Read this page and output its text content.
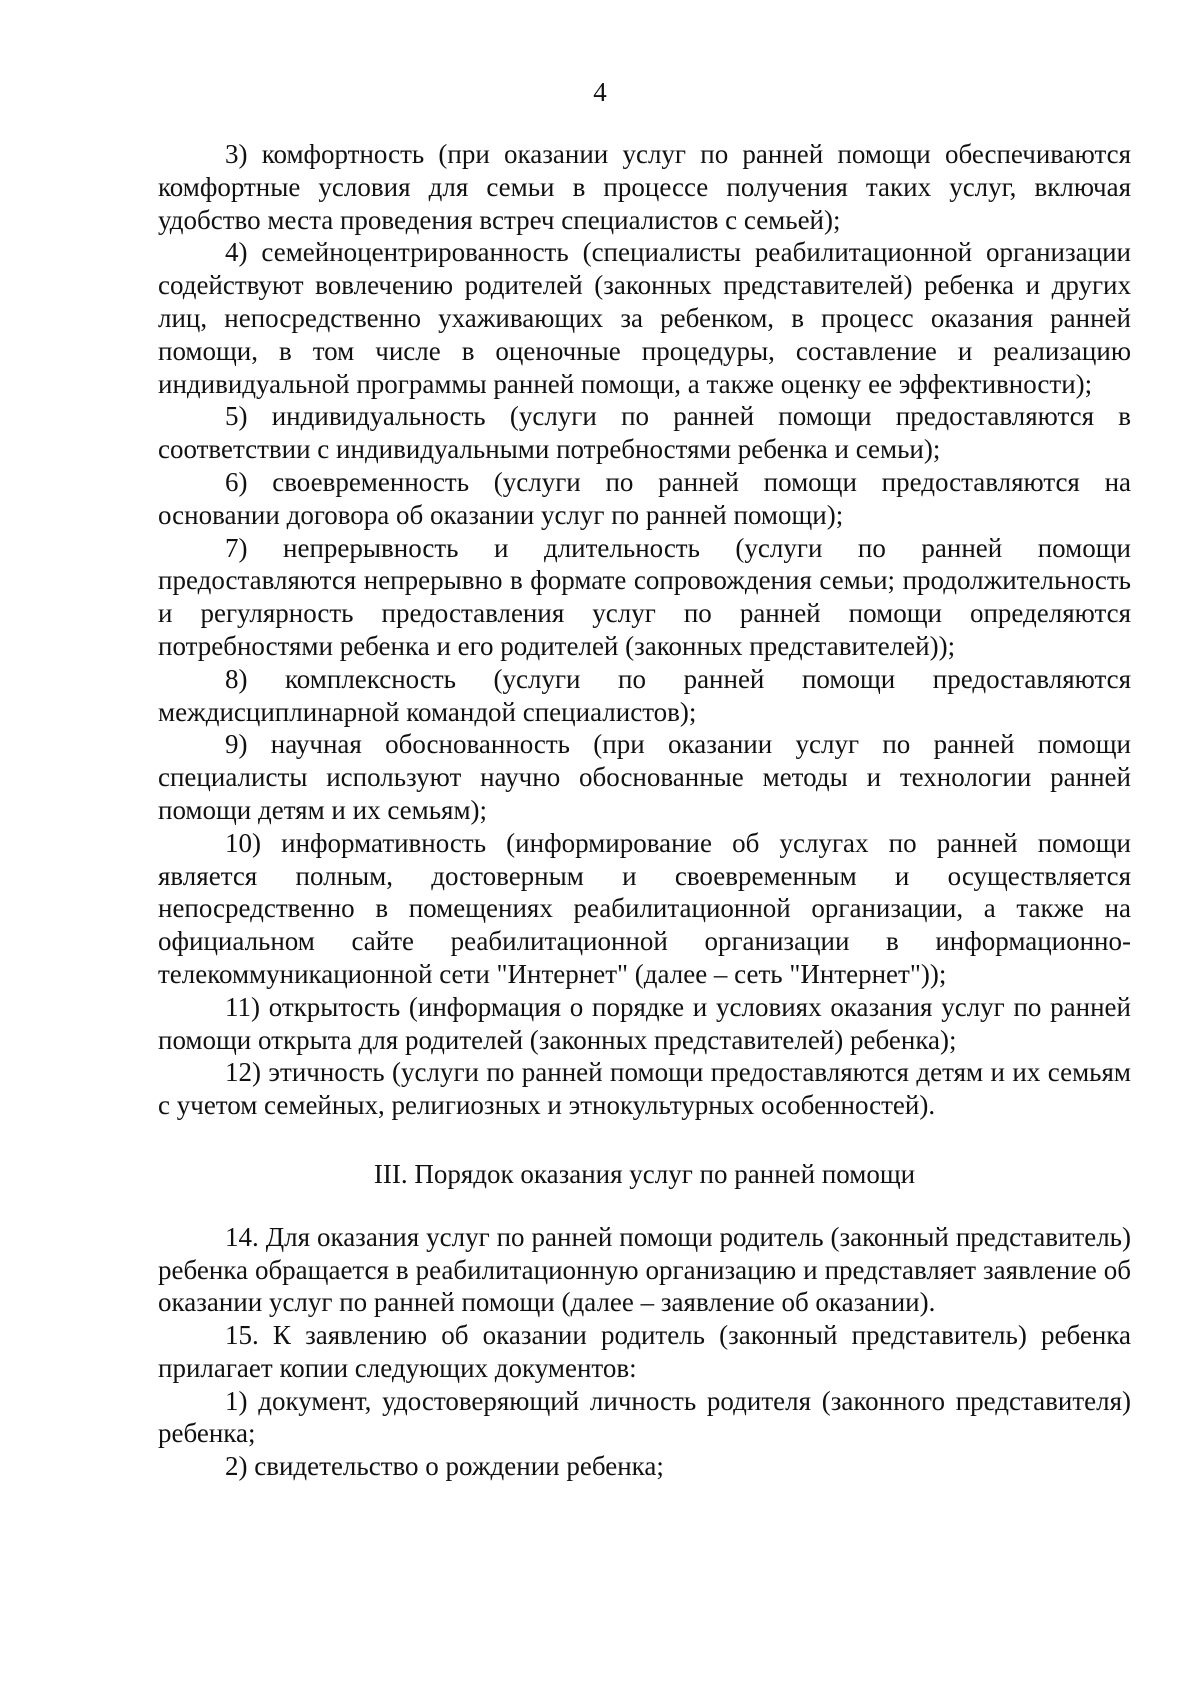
4

3) комфортность (при оказании услуг по ранней помощи обеспечиваются комфортные условия для семьи в процессе получения таких услуг, включая удобство места проведения встреч специалистов с семьей);

4) семейноцентрированность (специалисты реабилитационной организации содействуют вовлечению родителей (законных представителей) ребенка и других лиц, непосредственно ухаживающих за ребенком, в процесс оказания ранней помощи, в том числе в оценочные процедуры, составление и реализацию индивидуальной программы ранней помощи, а также оценку ее эффективности);

5) индивидуальность (услуги по ранней помощи предоставляются в соответствии с индивидуальными потребностями ребенка и семьи);

6) своевременность (услуги по ранней помощи предоставляются на основании договора об оказании услуг по ранней помощи);

7) непрерывность и длительность (услуги по ранней помощи предоставляются непрерывно в формате сопровождения семьи; продолжительность и регулярность предоставления услуг по ранней помощи определяются потребностями ребенка и его родителей (законных представителей));

8) комплексность (услуги по ранней помощи предоставляются междисциплинарной командой специалистов);

9) научная обоснованность (при оказании услуг по ранней помощи специалисты используют научно обоснованные методы и технологии ранней помощи детям и их семьям);

10) информативность (информирование об услугах по ранней помощи является полным, достоверным и своевременным и осуществляется непосредственно в помещениях реабилитационной организации, а также на официальном сайте реабилитационной организации в информационно-телекоммуникационной сети "Интернет" (далее – сеть "Интернет"));

11) открытость (информация о порядке и условиях оказания услуг по ранней помощи открыта для родителей (законных представителей) ребенка);

12) этичность (услуги по ранней помощи предоставляются детям и их семьям с учетом семейных, религиозных и этнокультурных особенностей).

III. Порядок оказания услуг по ранней помощи

14. Для оказания услуг по ранней помощи родитель (законный представитель) ребенка обращается в реабилитационную организацию и представляет заявление об оказании услуг по ранней помощи (далее – заявление об оказании).

15. К заявлению об оказании родитель (законный представитель) ребенка прилагает копии следующих документов:

1) документ, удостоверяющий личность родителя (законного представителя) ребенка;

2) свидетельство о рождении ребенка;
